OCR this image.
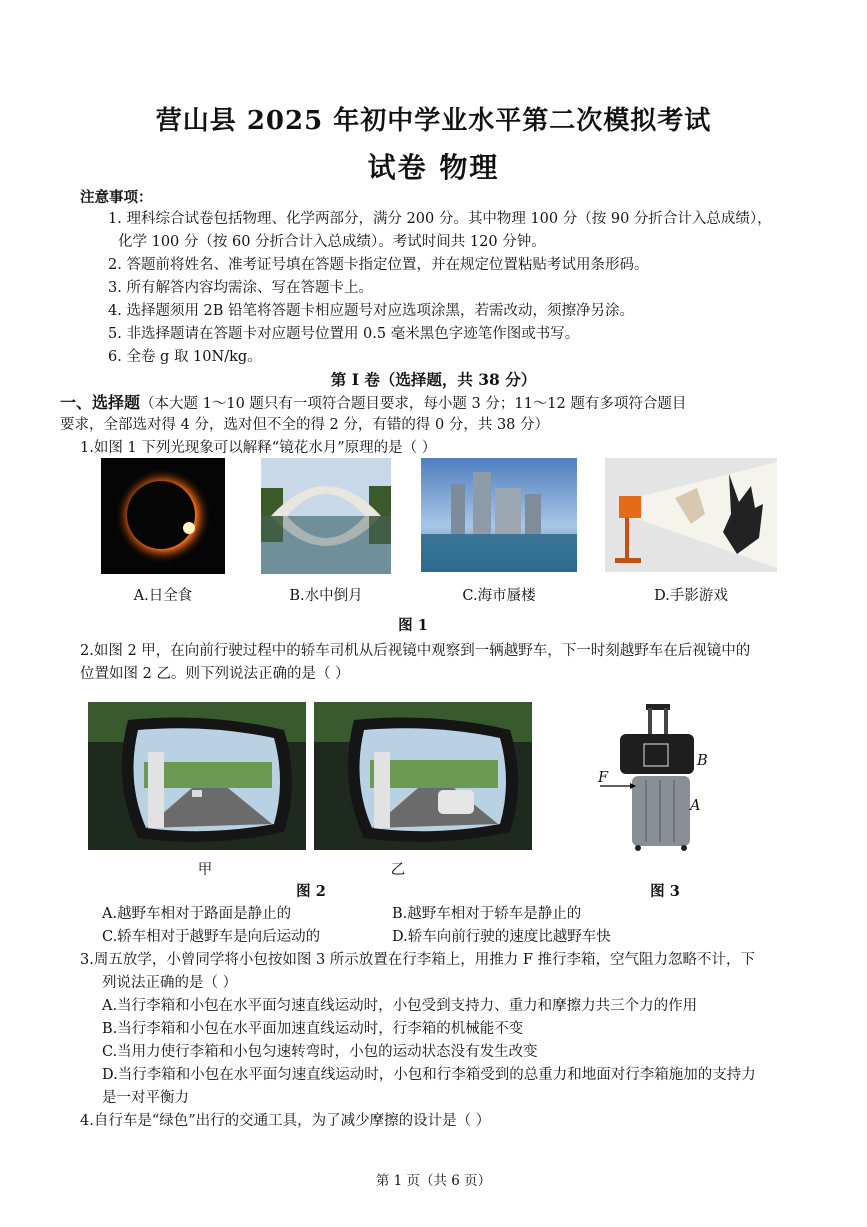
营山县 2025 年初中学业水平第二次模拟考试
试卷 物理
注意事项：
1. 理科综合试卷包括物理、化学两部分，满分 200 分。其中物理 100 分（按 90 分折合计入总成绩），
化学 100 分（按 60 分折合计入总成绩）。考试时间共 120 分钟。
2. 答题前将姓名、准考证号填在答题卡指定位置，并在规定位置粘贴考试用条形码。
3. 所有解答内容均需涂、写在答题卡上。
4. 选择题须用 2B 铅笔将答题卡相应题号对应选项涂黑，若需改动，须擦净另涂。
5. 非选择题请在答题卡对应题号位置用 0.5 毫米黑色字迹笔作图或书写。
6. 全卷 g 取 10N/kg。
第 I 卷（选择题，共 38 分）
一、选择题（本大题 1～10 题只有一项符合题目要求，每小题 3 分；11～12 题有多项符合题目
要求，全部选对得 4 分，选对但不全的得 2 分，有错的得 0 分，共 38 分）
1.如图 1 下列光现象可以解释“镜花水月”原理的是（ ）
A.日全食	B.水中倒月	C.海市蜃楼	D.手影游戏
图 1
2.如图 2 甲，在向前行驶过程中的轿车司机从后视镜中观察到一辆越野车，下一时刻越野车在后视镜中的
位置如图 2 乙。则下列说法正确的是（ ）
甲	乙
图 2
F
B
A
图 3
A.越野车相对于路面是静止的	B.越野车相对于轿车是静止的
C.轿车相对于越野车是向后运动的	D.轿车向前行驶的速度比越野车快
3.周五放学，小曾同学将小包按如图 3 所示放置在行李箱上，用推力 F 推行李箱，空气阻力忽略不计，下
列说法正确的是（ ）
A.当行李箱和小包在水平面匀速直线运动时，小包受到支持力、重力和摩擦力共三个力的作用
B.当行李箱和小包在水平面加速直线运动时，行李箱的机械能不变
C.当用力使行李箱和小包匀速转弯时，小包的运动状态没有发生改变
D.当行李箱和小包在水平面匀速直线运动时，小包和行李箱受到的总重力和地面对行李箱施加的支持力
是一对平衡力
4.自行车是“绿色”出行的交通工具，为了减少摩擦的设计是（ ）
第 1 页（共 6 页）
